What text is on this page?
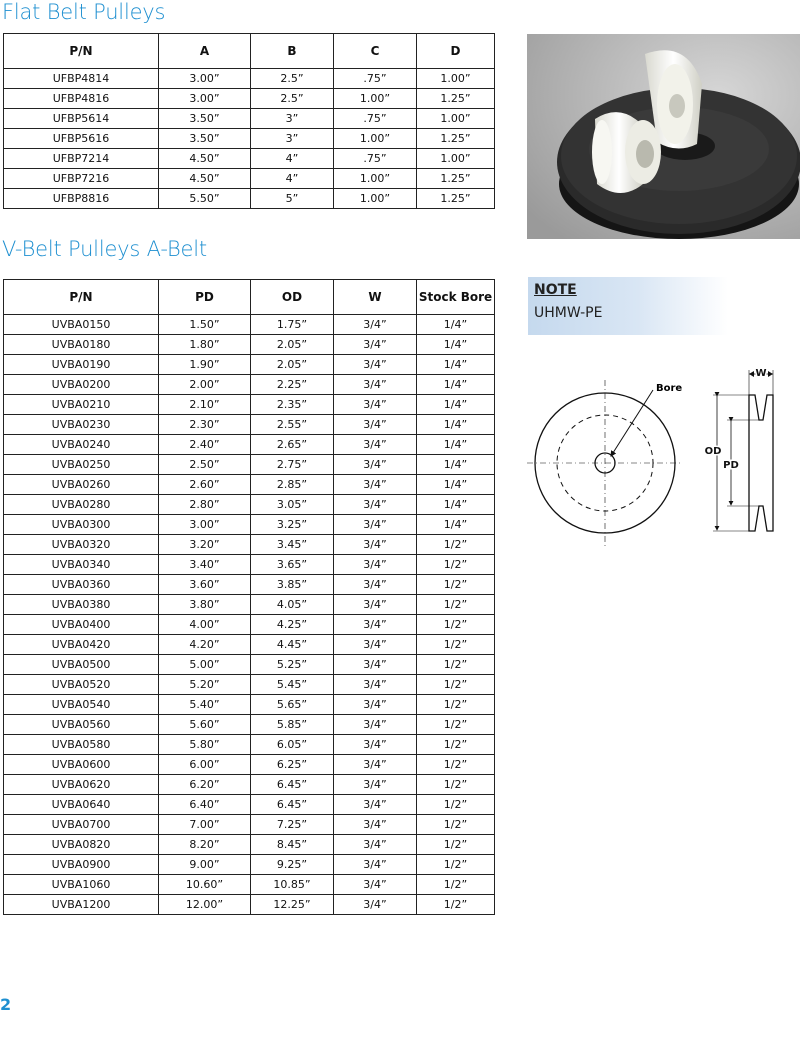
Flat Belt Pulleys
P/N	A	B	C	D
UFBP4814	3.00”	2.5”	.75”	1.00”
UFBP4816	3.00”	2.5”	1.00”	1.25”
UFBP5614	3.50”	3”	.75”	1.00”
UFBP5616	3.50”	3”	1.00”	1.25”
UFBP7214	4.50”	4”	.75”	1.00”
UFBP7216	4.50”	4”	1.00”	1.25”
UFBP8816	5.50”	5”	1.00”	1.25”
V-Belt Pulleys A-Belt
P/N	PD	OD	W	Stock Bore
UVBA0150	1.50”	1.75”	3/4”	1/4”
UVBA0180	1.80”	2.05”	3/4”	1/4”
UVBA0190	1.90”	2.05”	3/4”	1/4”
UVBA0200	2.00”	2.25”	3/4”	1/4”
UVBA0210	2.10”	2.35”	3/4”	1/4”
UVBA0230	2.30”	2.55”	3/4”	1/4”
UVBA0240	2.40”	2.65”	3/4”	1/4”
UVBA0250	2.50”	2.75”	3/4”	1/4”
UVBA0260	2.60”	2.85”	3/4”	1/4”
UVBA0280	2.80”	3.05”	3/4”	1/4”
UVBA0300	3.00”	3.25”	3/4”	1/4”
UVBA0320	3.20”	3.45”	3/4”	1/2”
UVBA0340	3.40”	3.65”	3/4”	1/2”
UVBA0360	3.60”	3.85”	3/4”	1/2”
UVBA0380	3.80”	4.05”	3/4”	1/2”
UVBA0400	4.00”	4.25”	3/4”	1/2”
UVBA0420	4.20”	4.45”	3/4”	1/2”
UVBA0500	5.00”	5.25”	3/4”	1/2”
UVBA0520	5.20”	5.45”	3/4”	1/2”
UVBA0540	5.40”	5.65”	3/4”	1/2”
UVBA0560	5.60”	5.85”	3/4”	1/2”
UVBA0580	5.80”	6.05”	3/4”	1/2”
UVBA0600	6.00”	6.25”	3/4”	1/2”
UVBA0620	6.20”	6.45”	3/4”	1/2”
UVBA0640	6.40”	6.45”	3/4”	1/2”
UVBA0700	7.00”	7.25”	3/4”	1/2”
UVBA0820	8.20”	8.45”	3/4”	1/2”
UVBA0900	9.00”	9.25”	3/4”	1/2”
UVBA1060	10.60”	10.85”	3/4”	1/2”
UVBA1200	12.00”	12.25”	3/4”	1/2”
NOTE
UHMW-PE
Bore
W
OD
PD
2
